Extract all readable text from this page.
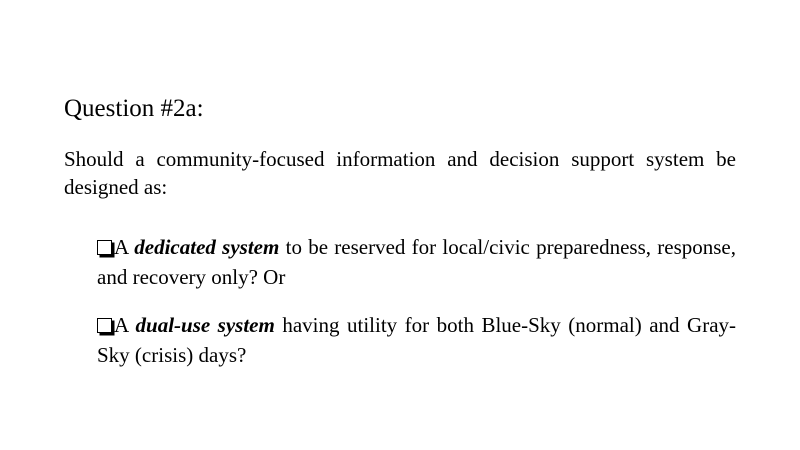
Question #2a:
Should a community-focused information and decision support system be designed as:
A dedicated system to be reserved for local/civic preparedness, response, and recovery only? Or
A dual-use system having utility for both Blue-Sky (normal) and Gray-Sky (crisis) days?
